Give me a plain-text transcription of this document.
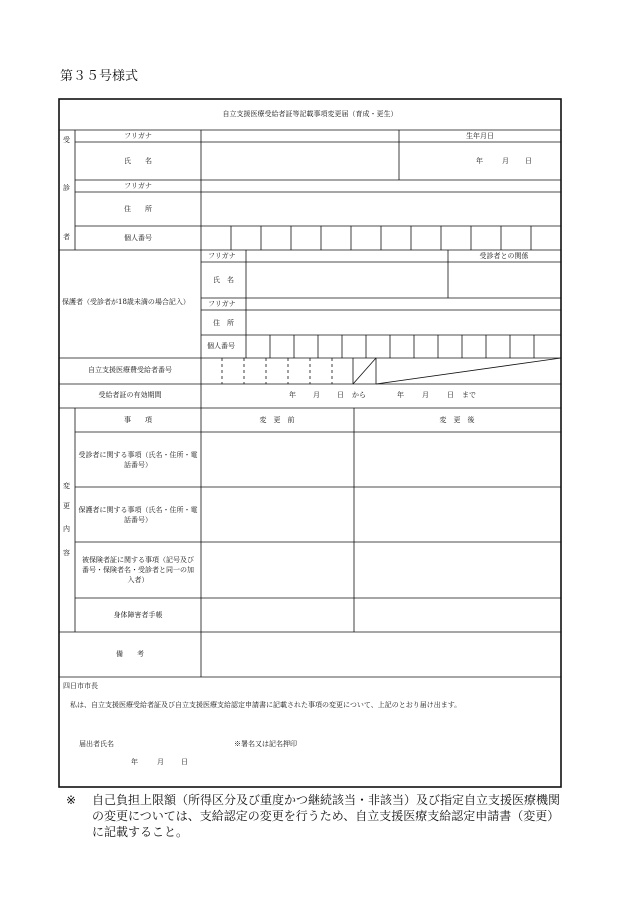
第３５号様式
自立支援医療受給者証等記載事項変更届（育成・更生）
受
診
者
フリガナ	生年月日
氏　　名	年	月 日
フリガナ
住　　所
個人番号
保護者（受診者が18歳未満の場合記入）
フリガナ	受診者との関係
氏　名
フリガナ
住　所
個人番号
自立支援医療費受給者番号
受給者証の有効期間	年 月 日 から	年	月	日 まで
変
更
内
容
事　　項	変　更　前	変　更　後
受診者に関する事項（氏名・住所・電話番号）
保護者に関する事項（氏名・住所・電話番号）
被保険者証に関する事項（記号及び番号・保険者名・受診者と同一の加入者）
身体障害者手帳
備　　考
四日市市長
私は、自立支援医療受給者証及び自立支援医療支給認定申請書に記載された事項の変更について、上記のとおり届け出ます。
届出者氏名	※署名又は記名押印
年	月 日
※ 自己負担上限額（所得区分及び重度かつ継続該当・非該当）及び指定自立支援医療機関の変更については、支給認定の変更を行うため、自立支援医療支給認定申請書（変更）に記載すること。
